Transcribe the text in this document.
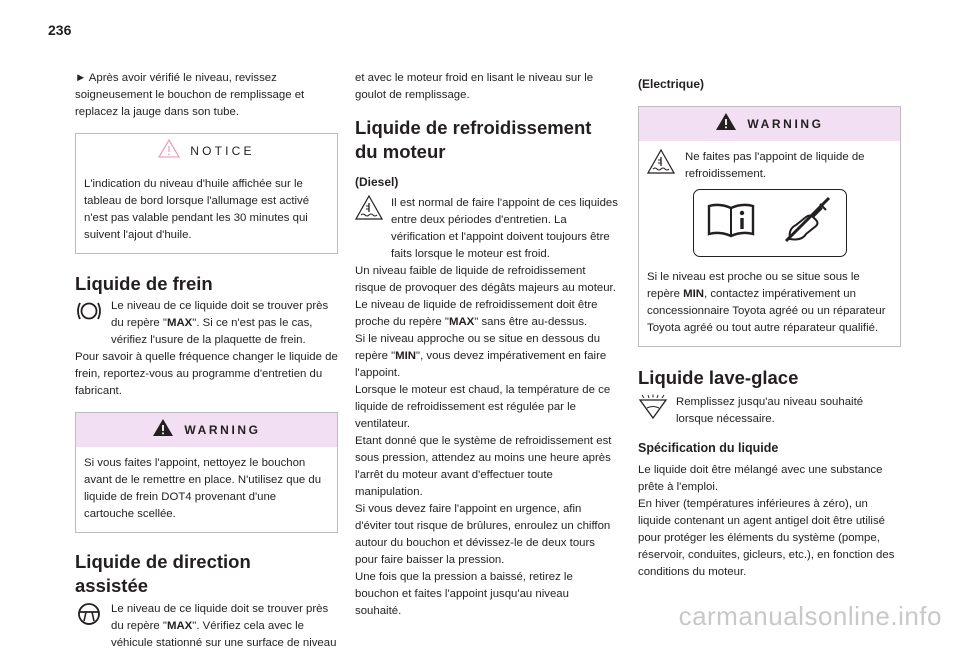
236

► Après avoir vérifié le niveau, revissez soigneusement le bouchon de remplissage et replacez la jauge dans son tube.

NOTICE

L'indication du niveau d'huile affichée sur le tableau de bord lorsque l'allumage est activé n'est pas valable pendant les 30 minutes qui suivent l'ajout d'huile.

Liquide de frein

Le niveau de ce liquide doit se trouver près du repère "MAX". Si ce n'est pas le cas, vérifiez l'usure de la plaquette de frein.

Pour savoir à quelle fréquence changer le liquide de frein, reportez-vous au programme d'entretien du fabricant.

WARNING

Si vous faites l'appoint, nettoyez le bouchon avant de le remettre en place. N'utilisez que du liquide de frein DOT4 provenant d'une cartouche scellée.

Liquide de direction
assistée

Le niveau de ce liquide doit se trouver près du repère "MAX". Vérifiez cela avec le véhicule stationné sur une surface de niveau

et avec le moteur froid en lisant le niveau sur le goulot de remplissage.

Liquide de refroidissement
du moteur
(Diesel)

Il est normal de faire l'appoint de ces liquides entre deux périodes d'entretien. La vérification et l'appoint doivent toujours être faits lorsque le moteur est froid.

Un niveau faible de liquide de refroidissement risque de provoquer des dégâts majeurs au moteur. Le niveau de liquide de refroidissement doit être proche du repère "MAX" sans être au-dessus.

Si le niveau approche ou se situe en dessous du repère "MIN", vous devez impérativement en faire l'appoint.

Lorsque le moteur est chaud, la température de ce liquide de refroidissement est régulée par le ventilateur.

Etant donné que le système de refroidissement est sous pression, attendez au moins une heure après l'arrêt du moteur avant d'effectuer toute manipulation.

Si vous devez faire l'appoint en urgence, afin d'éviter tout risque de brûlures, enroulez un chiffon autour du bouchon et dévissez-le de deux tours pour faire baisser la pression.

Une fois que la pression a baissé, retirez le bouchon et faites l'appoint jusqu'au niveau souhaité.

(Electrique)
WARNING

Ne faites pas l'appoint de liquide de refroidissement.

Si le niveau est proche ou se situe sous le repère MIN, contactez impérativement un concessionnaire Toyota agréé ou un réparateur Toyota agréé ou tout autre réparateur qualifié.

Liquide lave-glace

Remplissez jusqu'au niveau souhaité lorsque nécessaire.

Spécification du liquide

Le liquide doit être mélangé avec une substance prête à l'emploi.

En hiver (températures inférieures à zéro), un liquide contenant un agent antigel doit être utilisé pour protéger les éléments du système (pompe, réservoir, conduites, gicleurs, etc.), en fonction des conditions du moteur.

carmanualsonline.info
